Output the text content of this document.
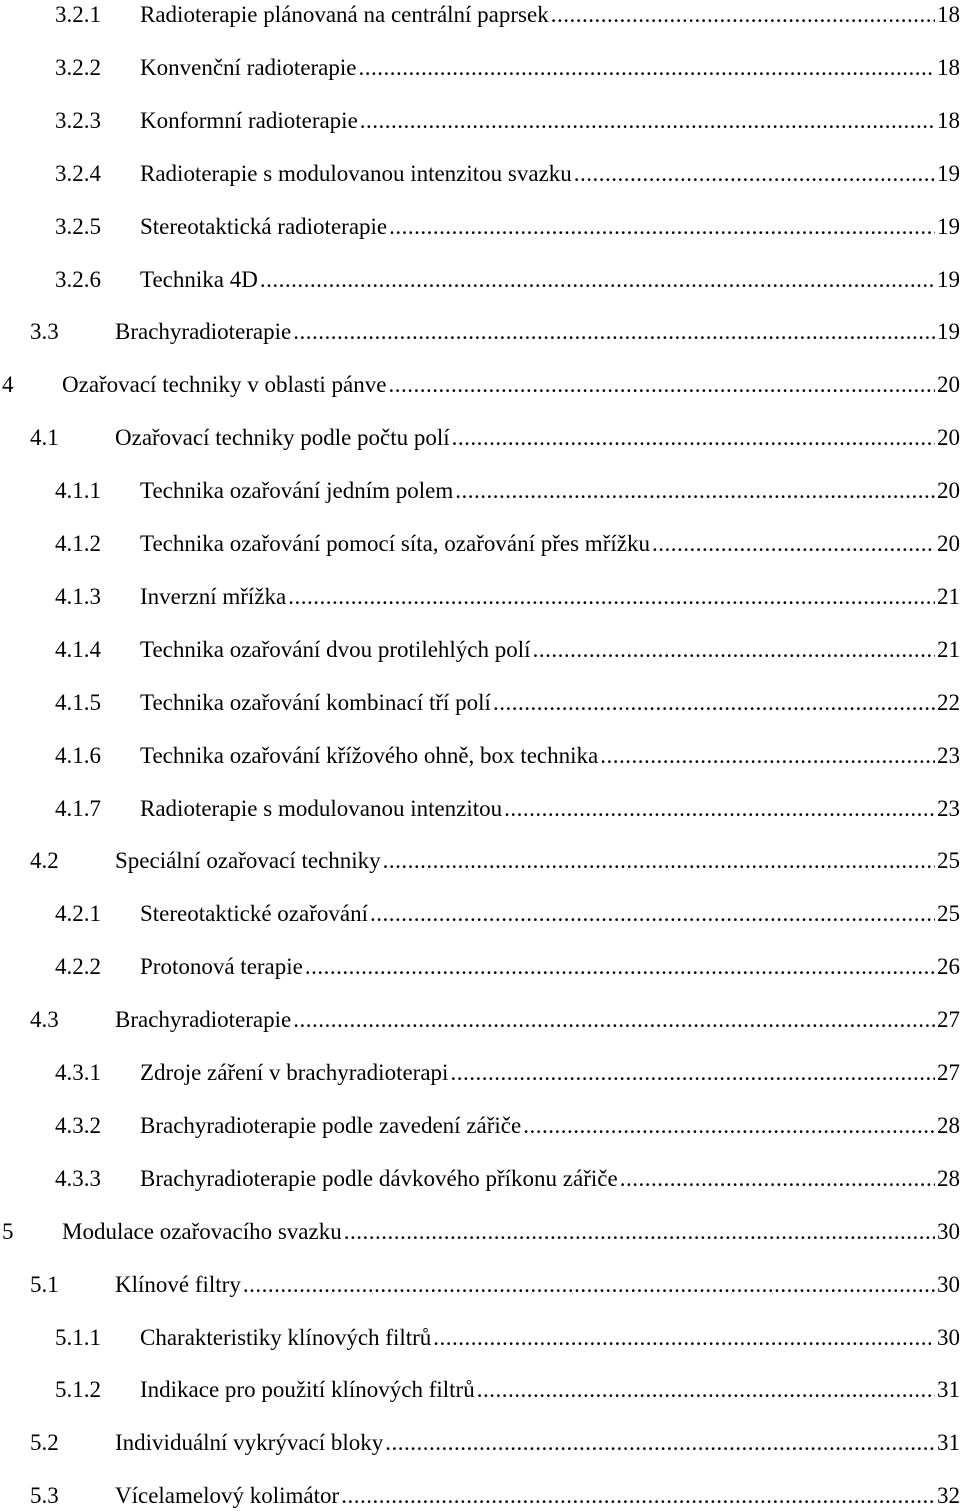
3.2.1 Radioterapie plánovaná na centrální paprsek .....	18
3.2.2 Konvenční radioterapie .....	18
3.2.3 Konformní radioterapie .....	18
3.2.4 Radioterapie s modulovanou intenzitou svazku .....	19
3.2.5 Stereotaktická radioterapie .....	19
3.2.6 Technika 4D .....	19
3.3 Brachyradioterapie .....	19
4 Ozařovací techniky v oblasti pánve .....	20
4.1 Ozařovací techniky podle počtu polí .....	20
4.1.1 Technika ozařování jedním polem .....	20
4.1.2 Technika ozařování pomocí síta, ozařování přes mřížku .....	20
4.1.3 Inverzní mřížka .....	21
4.1.4 Technika ozařování dvou protilehlých polí .....	21
4.1.5 Technika ozařování kombinací tří polí .....	22
4.1.6 Technika ozařování křížového ohně, box technika .....	23
4.1.7 Radioterapie s modulovanou intenzitou .....	23
4.2 Speciální ozařovací techniky .....	25
4.2.1 Stereotaktické ozařování .....	25
4.2.2 Protonová terapie .....	26
4.3 Brachyradioterapie .....	27
4.3.1 Zdroje záření v brachyradioterapi .....	27
4.3.2 Brachyradioterapie podle zavedení zářiče .....	28
4.3.3 Brachyradioterapie podle dávkového příkonu zářiče .....	28
5 Modulace ozařovacího svazku .....	30
5.1 Klínové filtry .....	30
5.1.1 Charakteristiky klínových filtrů .....	30
5.1.2 Indikace pro použití klínových filtrů .....	31
5.2 Individuální vykrývací bloky .....	31
5.3 Vícelamelový kolimátor .....	32
